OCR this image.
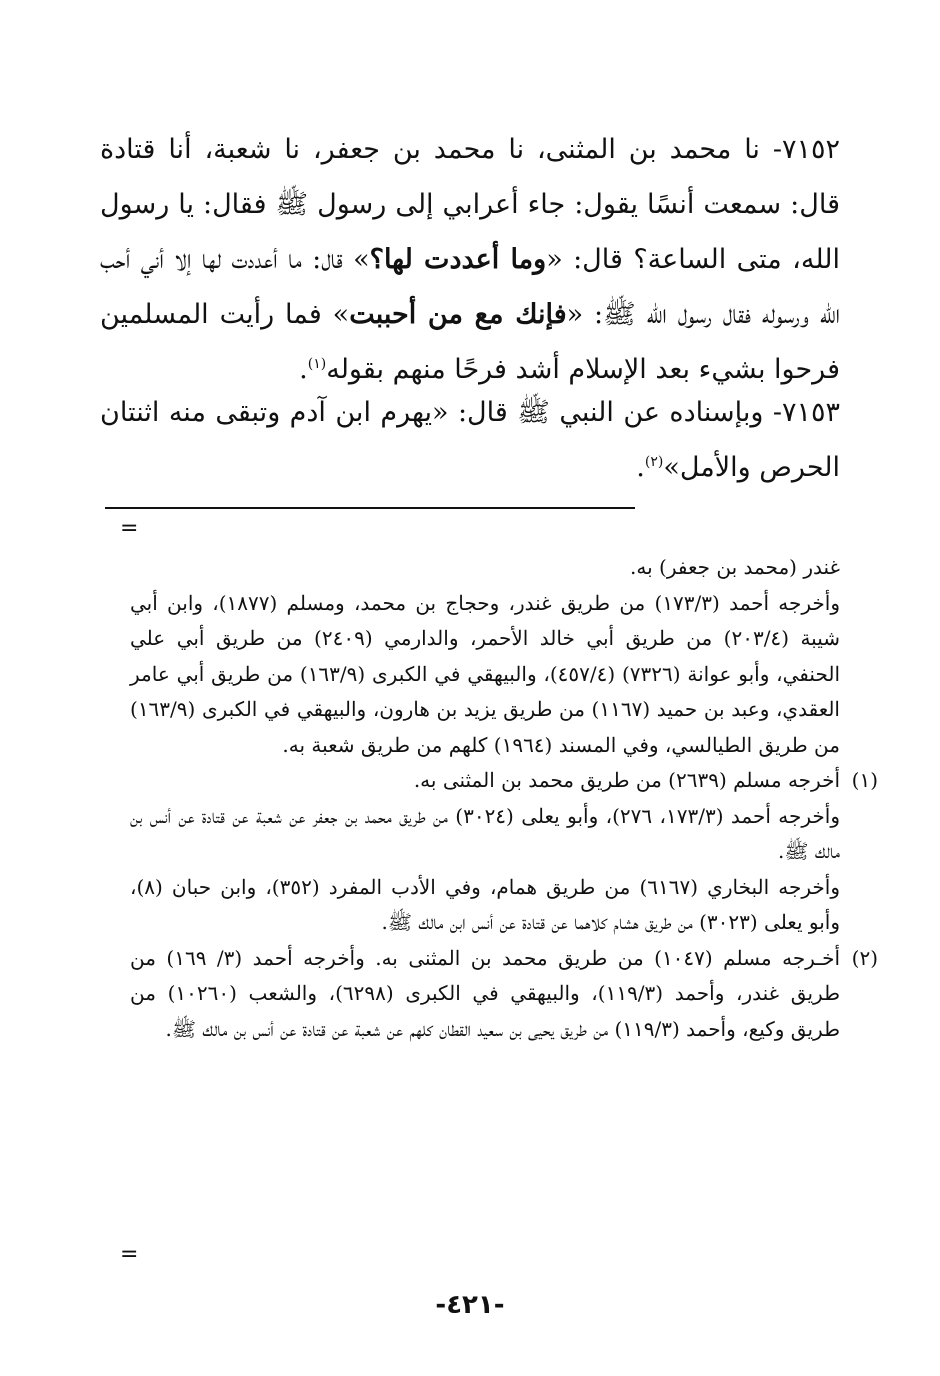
٧١٥٢- نا محمد بن المثنى، نا محمد بن جعفر، نا شعبة، أنا قتادة قال: سمعت أنسًا يقول: جاء أعرابي إلى رسول ﷺ فقال: يا رسول الله، متى الساعة؟ قال: «وما أعددت لها؟» قال: ما أعددت لها إلا أني أحب الله ورسوله فقال رسول الله ﷺ: «فإنك مع من أحببت» فما رأيت المسلمين فرحوا بشيء بعد الإسلام أشد فرحًا منهم بقوله$^{(١)}$.

٧١٥٣- وبإسناده عن النبي ﷺ قال: «يهرم ابن آدم وتبقى منه اثنتان الحرص والأمل»$^{(٢)}$.

=

غندر (محمد بن جعفر) به.

وأخرجه أحمد (١٧٣/٣) من طريق غندر، وحجاج بن محمد، ومسلم (١٨٧٧)، وابن أبي شيبة (٢٠٣/٤) من طريق أبي خالد الأحمر، والدارمي (٢٤٠٩) من طريق أبي علي الحنفي، وأبو عوانة (٧٣٢٦) (٤٥٧/٤)، والبيهقي في الكبرى (١٦٣/٩) من طريق أبي عامر العقدي، وعبد بن حميد (١١٦٧) من طريق يزيد بن هارون، والبيهقي في الكبرى (١٦٣/٩) من طريق الطيالسي، وفي المسند (١٩٦٤) كلهم من طريق شعبة به.

(١)

أخرجه مسلم (٢٦٣٩) من طريق محمد بن المثنى به.

وأخرجه أحمد (١٧٣/٣، ٢٧٦)، وأبو يعلى (٣٠٢٤) من طريق محمد بن جعفر عن شعبة عن قتادة عن أنس بن مالك ﷺ.

وأخرجه البخاري (٦١٦٧) من طريق همام، وفي الأدب المفرد (٣٥٢)، وابن حبان (٨)، وأبو يعلى (٣٠٢٣) من طريق هشام كلاهما عن قتادة عن أنس ابن مالك ﷺ.

(٢)

أخـرجه مسلم (١٠٤٧) من طريق محمد بن المثنى به. وأخرجه أحمد (٣/ ١٦٩) من طريق غندر، وأحمد (١١٩/٣)، والبيهقي في الكبرى (٦٢٩٨)، والشعب (١٠٢٦٠) من طريق وكيع، وأحمد (١١٩/٣) من طريق يحيى بن سعيد القطان كلهم عن شعبة عن قتادة عن أنس بن مالك ﷺ.

=
-٤٢١-
